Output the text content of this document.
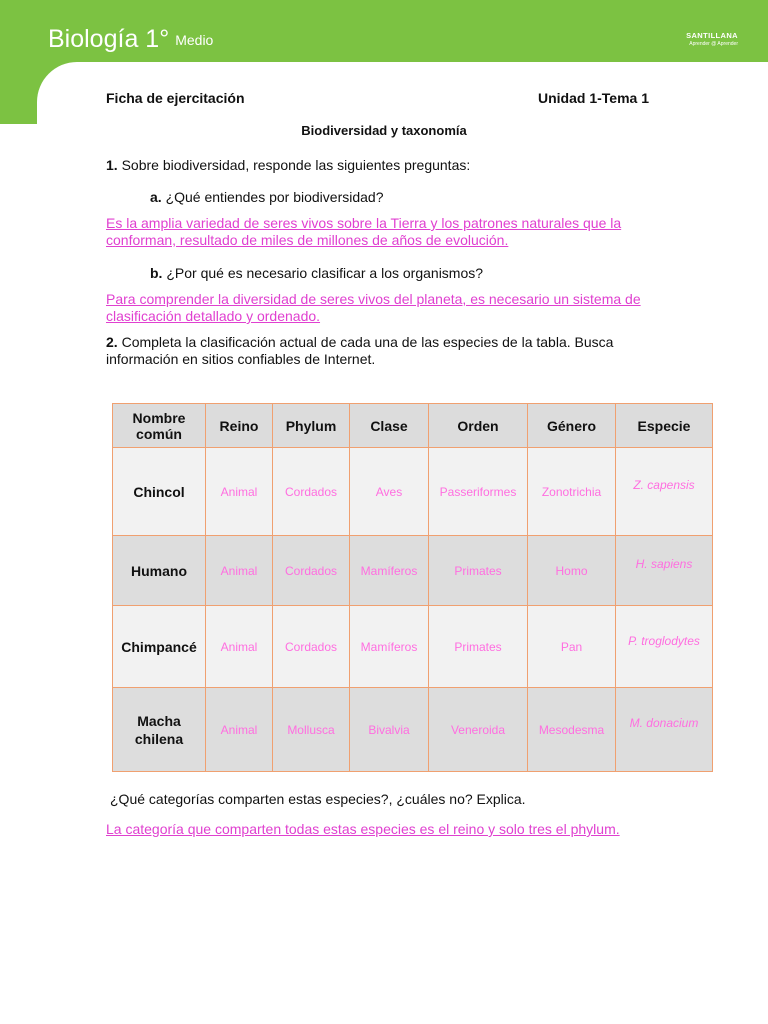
Biología 1° Medio	SANTILLANA
Aprender @ Aprender
Ficha de ejercitación	Unidad 1-Tema 1
Biodiversidad y taxonomía
1. Sobre biodiversidad, responde las siguientes preguntas:
a. ¿Qué entiendes por biodiversidad?
Es la amplia variedad de seres vivos sobre la Tierra y los patrones naturales que la conforman, resultado de miles de millones de años de evolución.
b. ¿Por qué es necesario clasificar a los organismos?
Para comprender la diversidad de seres vivos del planeta, es necesario un sistema de clasificación detallado y ordenado.
2. Completa la clasificación actual de cada una de las especies de la tabla. Busca información en sitios confiables de Internet.
Nombre común	Reino	Phylum	Clase	Orden	Género	Especie
Chincol	Animal	Cordados	Aves	Passeriformes	Zonotrichia	Z. capensis
Humano	Animal	Cordados	Mamíferos	Primates	Homo	H. sapiens
Chimpancé	Animal	Cordados	Mamíferos	Primates	Pan	P. troglodytes
Macha chilena	Animal	Mollusca	Bivalvia	Veneroida	Mesodesma	M. donacium
¿Qué categorías comparten estas especies?, ¿cuáles no? Explica.
La categoría que comparten todas estas especies es el reino y solo tres el phylum.
